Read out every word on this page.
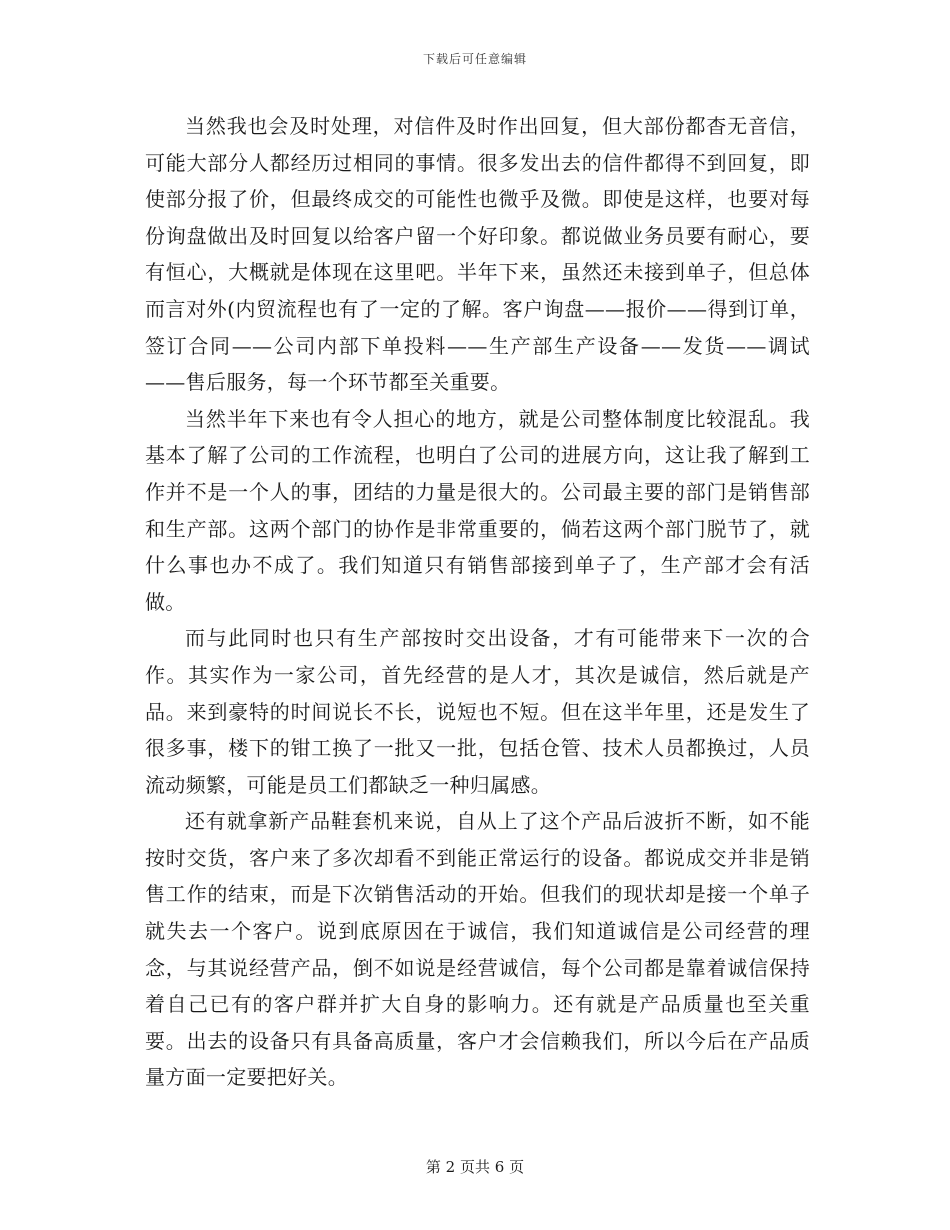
下载后可任意编辑

当然我也会及时处理，对信件及时作出回复，但大部份都杳无音信，可能大部分人都经历过相同的事情。很多发出去的信件都得不到回复，即使部分报了价，但最终成交的可能性也微乎及微。即使是这样，也要对每份询盘做出及时回复以给客户留一个好印象。都说做业务员要有耐心，要有恒心，大概就是体现在这里吧。半年下来，虽然还未接到单子，但总体而言对外(内贸流程也有了一定的了解。客户询盘——报价——得到订单，签订合同——公司内部下单投料——生产部生产设备——发货——调试——售后服务，每一个环节都至关重要。

当然半年下来也有令人担心的地方，就是公司整体制度比较混乱。我基本了解了公司的工作流程，也明白了公司的进展方向，这让我了解到工作并不是一个人的事，团结的力量是很大的。公司最主要的部门是销售部和生产部。这两个部门的协作是非常重要的，倘若这两个部门脱节了，就什么事也办不成了。我们知道只有销售部接到单子了，生产部才会有活做。

而与此同时也只有生产部按时交出设备，才有可能带来下一次的合作。其实作为一家公司，首先经营的是人才，其次是诚信，然后就是产品。来到豪特的时间说长不长，说短也不短。但在这半年里，还是发生了很多事，楼下的钳工换了一批又一批，包括仓管、技术人员都换过，人员流动频繁，可能是员工们都缺乏一种归属感。

还有就拿新产品鞋套机来说，自从上了这个产品后波折不断，如不能按时交货，客户来了多次却看不到能正常运行的设备。都说成交并非是销售工作的结束，而是下次销售活动的开始。但我们的现状却是接一个单子就失去一个客户。说到底原因在于诚信，我们知道诚信是公司经营的理念，与其说经营产品，倒不如说是经营诚信，每个公司都是靠着诚信保持着自己已有的客户群并扩大自身的影响力。还有就是产品质量也至关重要。出去的设备只有具备高质量，客户才会信赖我们，所以今后在产品质量方面一定要把好关。

第 2 页共 6 页
